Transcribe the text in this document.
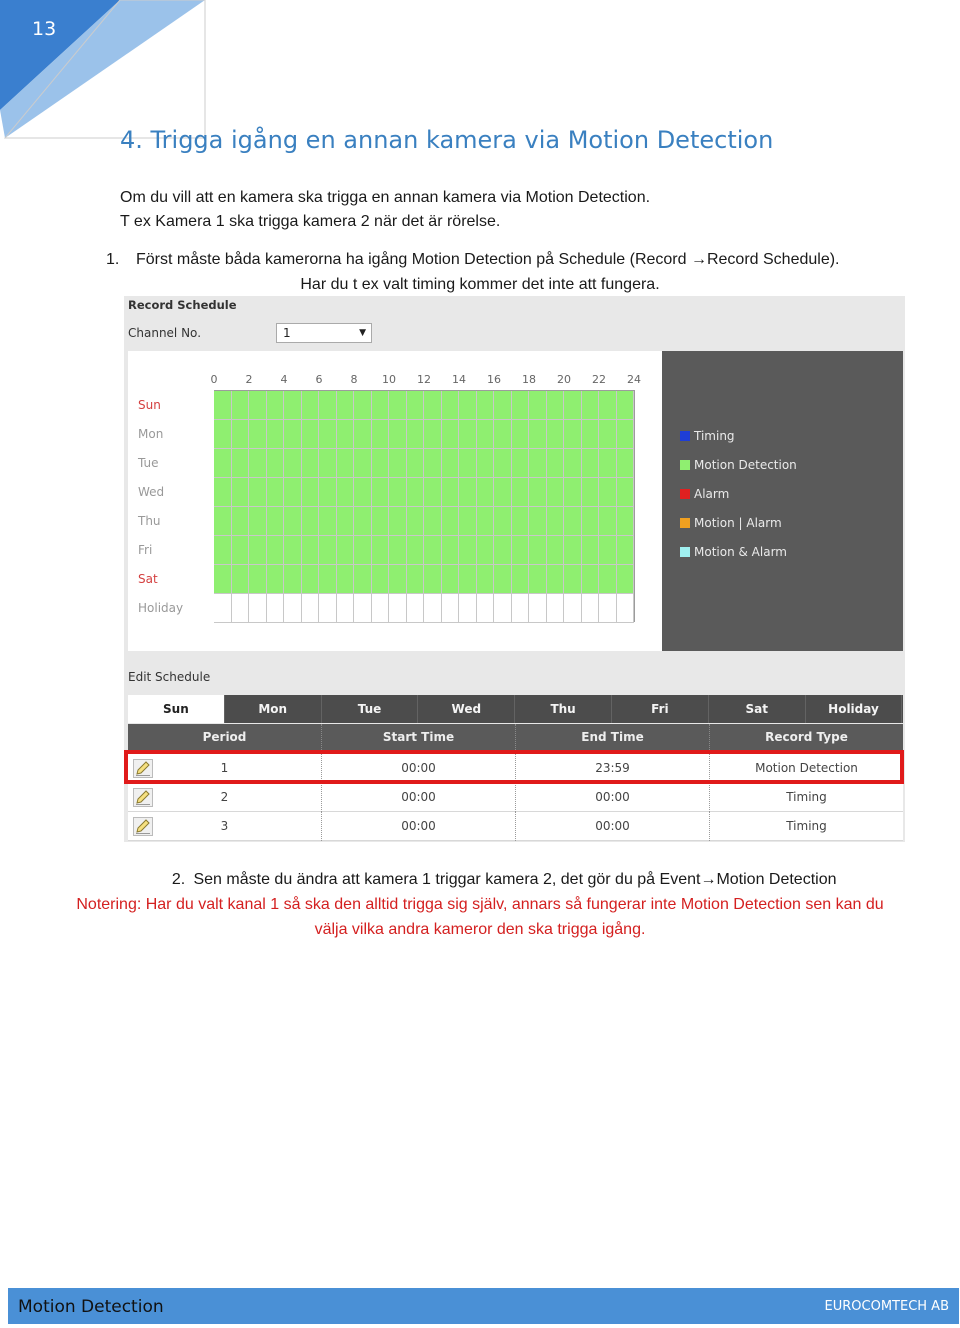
13
4. Trigga igång en annan kamera via Motion Detection
Om du vill att en kamera ska trigga en annan kamera via Motion Detection.
T ex Kamera 1 ska trigga kamera 2 när det är rörelse.
1. Först måste båda kamerorna ha igång Motion Detection på Schedule (Record →Record Schedule).
Har du t ex valt timing kommer det inte att fungera.
Record Schedule
Channel No.	1	▼
0	2	4	6	8	10	12	14	16	18	20	22	24
Sun
Mon
Tue
Wed
Thu
Fri
Sat
Holiday
Timing
Motion Detection
Alarm
Motion | Alarm
Motion & Alarm
Edit Schedule
Sun	Mon	Tue	Wed	Thu	Fri	Sat	Holiday
Period	Start Time	End Time	Record Type
1	00:00	23:59	Motion Detection
2	00:00	00:00	Timing
3	00:00	00:00	Timing
2. Sen måste du ändra att kamera 1 triggar kamera 2, det gör du på Event→Motion Detection
Notering: Har du valt kanal 1 så ska den alltid trigga sig själv, annars så fungerar inte Motion Detection sen kan du
välja vilka andra kameror den ska trigga igång.
Motion Detection	EUROCOMTECH AB
